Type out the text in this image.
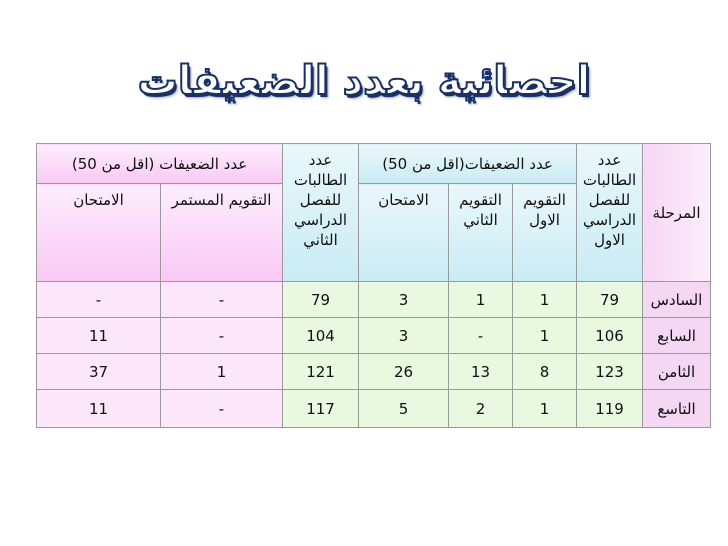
احصائية بعدد الضعيفات
المرحلة	عدد الطالبات للفصل الدراسي الاول	عدد الضعيفات(اقل من 50)			عدد الطالبات للفصل الدراسي الثاني	عدد الضعيفات (اقل من 50)	
		التقويم الاول	التقويم الثاني	الامتحان		التقويم المستمر	الامتحان
السادس	79	1	1	3	79	-	-
السابع	106	1	-	3	104	-	11
الثامن	123	8	13	26	121	1	37
التاسع	119	1	2	5	117	-	11
